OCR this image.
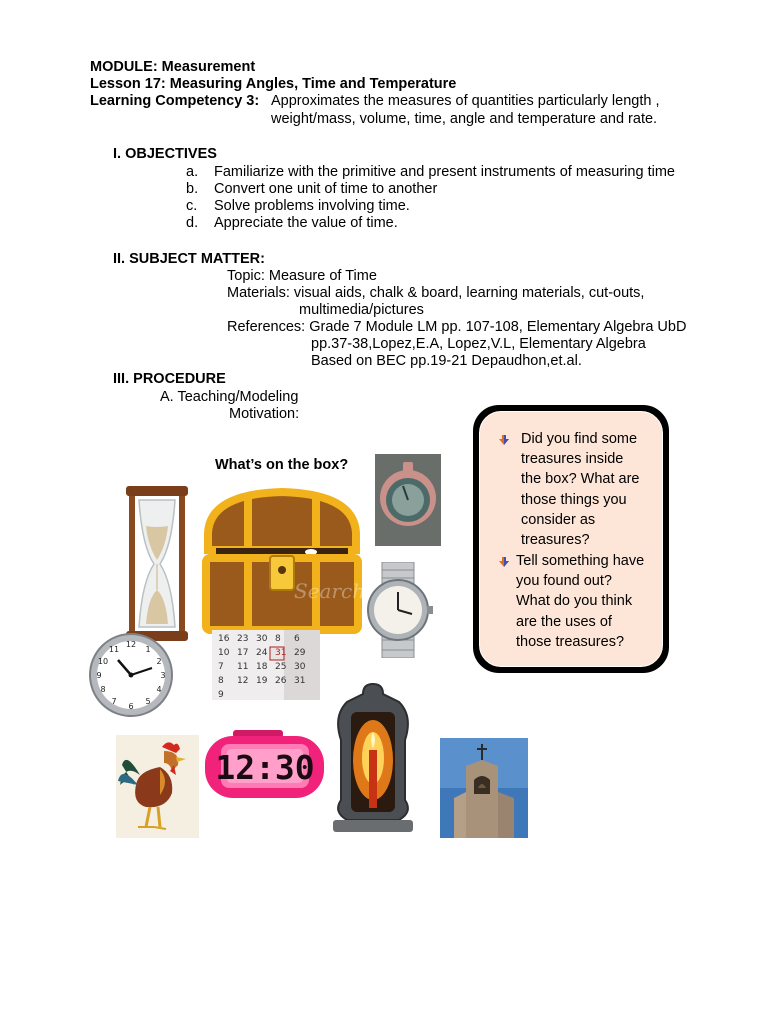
MODULE: Measurement
Lesson 17: Measuring Angles, Time and Temperature
Learning Competency 3: Approximates the measures of quantities particularly length ,
weight/mass, volume, time, angle and temperature and rate.
I. OBJECTIVES
a. Familiarize with the primitive and present instruments of measuring time
b. Convert one unit of time to another
c. Solve problems involving time.
d. Appreciate the value of time.
II. SUBJECT MATTER:
Topic: Measure of Time
Materials: visual aids, chalk & board, learning materials, cut-outs,
multimedia/pictures
References: Grade 7 Module LM pp. 107-108, Elementary Algebra UbD
pp.37-38,Lopez,E.A, Lopez,V.L, Elementary Algebra
Based on BEC pp.19-21 Depaudhon,et.al.
III. PROCEDURE
A. Teaching/Modeling
Motivation:
What’s on the box?
Did you find some
treasures inside
the box? What are
those things you
consider as
treasures?
Tell something have
you found out?
What do you think
are the uses of
those treasures?
Search
12
1
2
3
4
5
6
7
8
9
10
11
16 23 30 8 6
10 17 24 31 29
7 11 18 25 30
8 12 19 26 31
9
12:30
